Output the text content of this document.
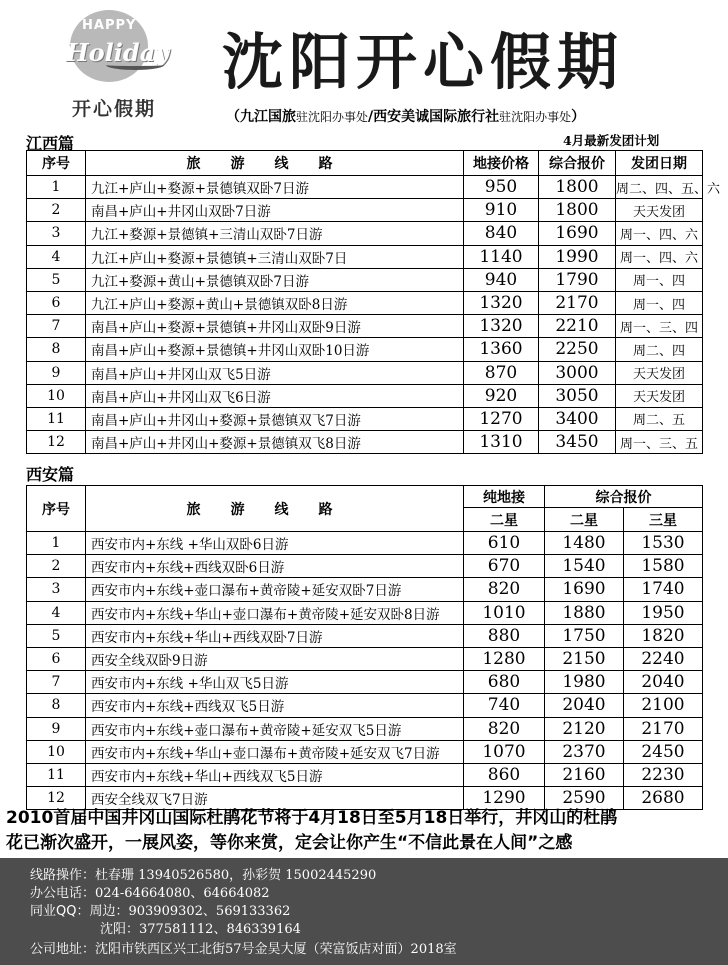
HAPPY
Holiday
开心假期
沈阳开心假期
（九江国旅驻沈阳办事处/西安美诚国际旅行社驻沈阳办事处）
4月最新发团计划
江西篇
序号	旅游线路	地接价格	综合报价	发团日期
1	九江+庐山+婺源+景德镇双卧7日游	950	1800	周二、四、五、六
2	南昌+庐山+井冈山双卧7日游	910	1800	天天发团
3	九江+婺源+景德镇+三清山双卧7日游	840	1690	周一、四、六
4	九江+庐山+婺源+景德镇+三清山双卧7日	1140	1990	周一、四、六
5	九江+婺源+黄山+景德镇双卧7日游	940	1790	周一、四
6	九江+庐山+婺源+黄山+景德镇双卧8日游	1320	2170	周一、四
7	南昌+庐山+婺源+景德镇+井冈山双卧9日游	1320	2210	周一、三、四
8	南昌+庐山+婺源+景德镇+井冈山双卧10日游	1360	2250	周二、四
9	南昌+庐山+井冈山双飞5日游	870	3000	天天发团
10	南昌+庐山+井冈山双飞6日游	920	3050	天天发团
11	南昌+庐山+井冈山+婺源+景德镇双飞7日游	1270	3400	周二、五
12	南昌+庐山+井冈山+婺源+景德镇双飞8日游	1310	3450	周一、三、五
西安篇
序号	旅游线路	纯地接	综合报价	
		二星	二星	三星
1	西安市内+东线 +华山双卧6日游	610	1480	1530
2	西安市内+东线+西线双卧6日游	670	1540	1580
3	西安市内+东线+壶口瀑布+黄帝陵+延安双卧7日游	820	1690	1740
4	西安市内+东线+华山+壶口瀑布+黄帝陵+延安双卧8日游	1010	1880	1950
5	西安市内+东线+华山+西线双卧7日游	880	1750	1820
6	西安全线双卧9日游	1280	2150	2240
7	西安市内+东线 +华山双飞5日游	680	1980	2040
8	西安市内+东线+西线双飞5日游	740	2040	2100
9	西安市内+东线+壶口瀑布+黄帝陵+延安双飞5日游	820	2120	2170
10	西安市内+东线+华山+壶口瀑布+黄帝陵+延安双飞7日游	1070	2370	2450
11	西安市内+东线+华山+西线双飞5日游	860	2160	2230
12	西安全线双飞7日游	1290	2590	2680
2010首届中国井冈山国际杜鹃花节将于4月18日至5月18日举行，井冈山的杜鹃
花已渐次盛开，一展风姿，等你来赏，定会让你产生“不信此景在人间”之感
线路操作：杜春珊 13940526580，孙彩贺 15002445290
办公电话：024-64664080、64664082
同业QQ：周边：903909302、569133362
沈阳：377581112、846339164
公司地址：沈阳市铁西区兴工北街57号金昊大厦（荣富饭店对面）2018室
